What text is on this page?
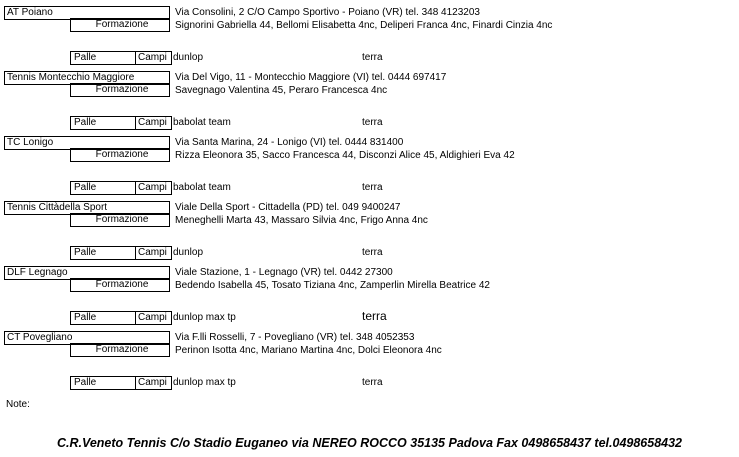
AT Poiano	Via Consolini, 2 C/O Campo Sportivo - Poiano (VR) tel. 348 4123203
Formazione	Signorini Gabriella 44, Bellomi Elisabetta 4nc, Deliperi Franca 4nc, Finardi Cinzia 4nc
Palle	Campi dunlop	terra
Tennis Montecchio Maggiore	Via Del Vigo, 11 - Montecchio Maggiore (VI) tel. 0444 697417
Formazione	Savegnago Valentina 45, Peraro Francesca 4nc
Palle	Campi babolat team	terra
TC Lonigo	Via Santa Marina, 24 - Lonigo (VI) tel. 0444 831400
Formazione	Rizza Eleonora 35, Sacco Francesca 44, Disconzi Alice 45, Aldighieri Eva 42
Palle	Campi babolat team	terra
Tennis Cittàdella Sport	Viale Della Sport - Cittadella (PD) tel. 049 9400247
Formazione	Meneghelli Marta 43, Massaro Silvia 4nc, Frigo Anna 4nc
Palle	Campi dunlop	terra
DLF Legnago	Viale Stazione, 1 - Legnago (VR) tel. 0442 27300
Formazione	Bedendo Isabella 45, Tosato Tiziana 4nc, Zamperlin Mirella Beatrice 42
Palle	Campi dunlop max tp	terra
CT Povegliano	Via F.lli Rosselli, 7 - Povegliano (VR) tel. 348 4052353
Formazione	Perinon Isotta 4nc, Mariano Martina 4nc, Dolci Eleonora 4nc
Palle	Campi dunlop max tp	terra
Note:
C.R.Veneto Tennis C/o Stadio Euganeo via NEREO ROCCO 35135 Padova Fax 0498658437 tel.0498658432
